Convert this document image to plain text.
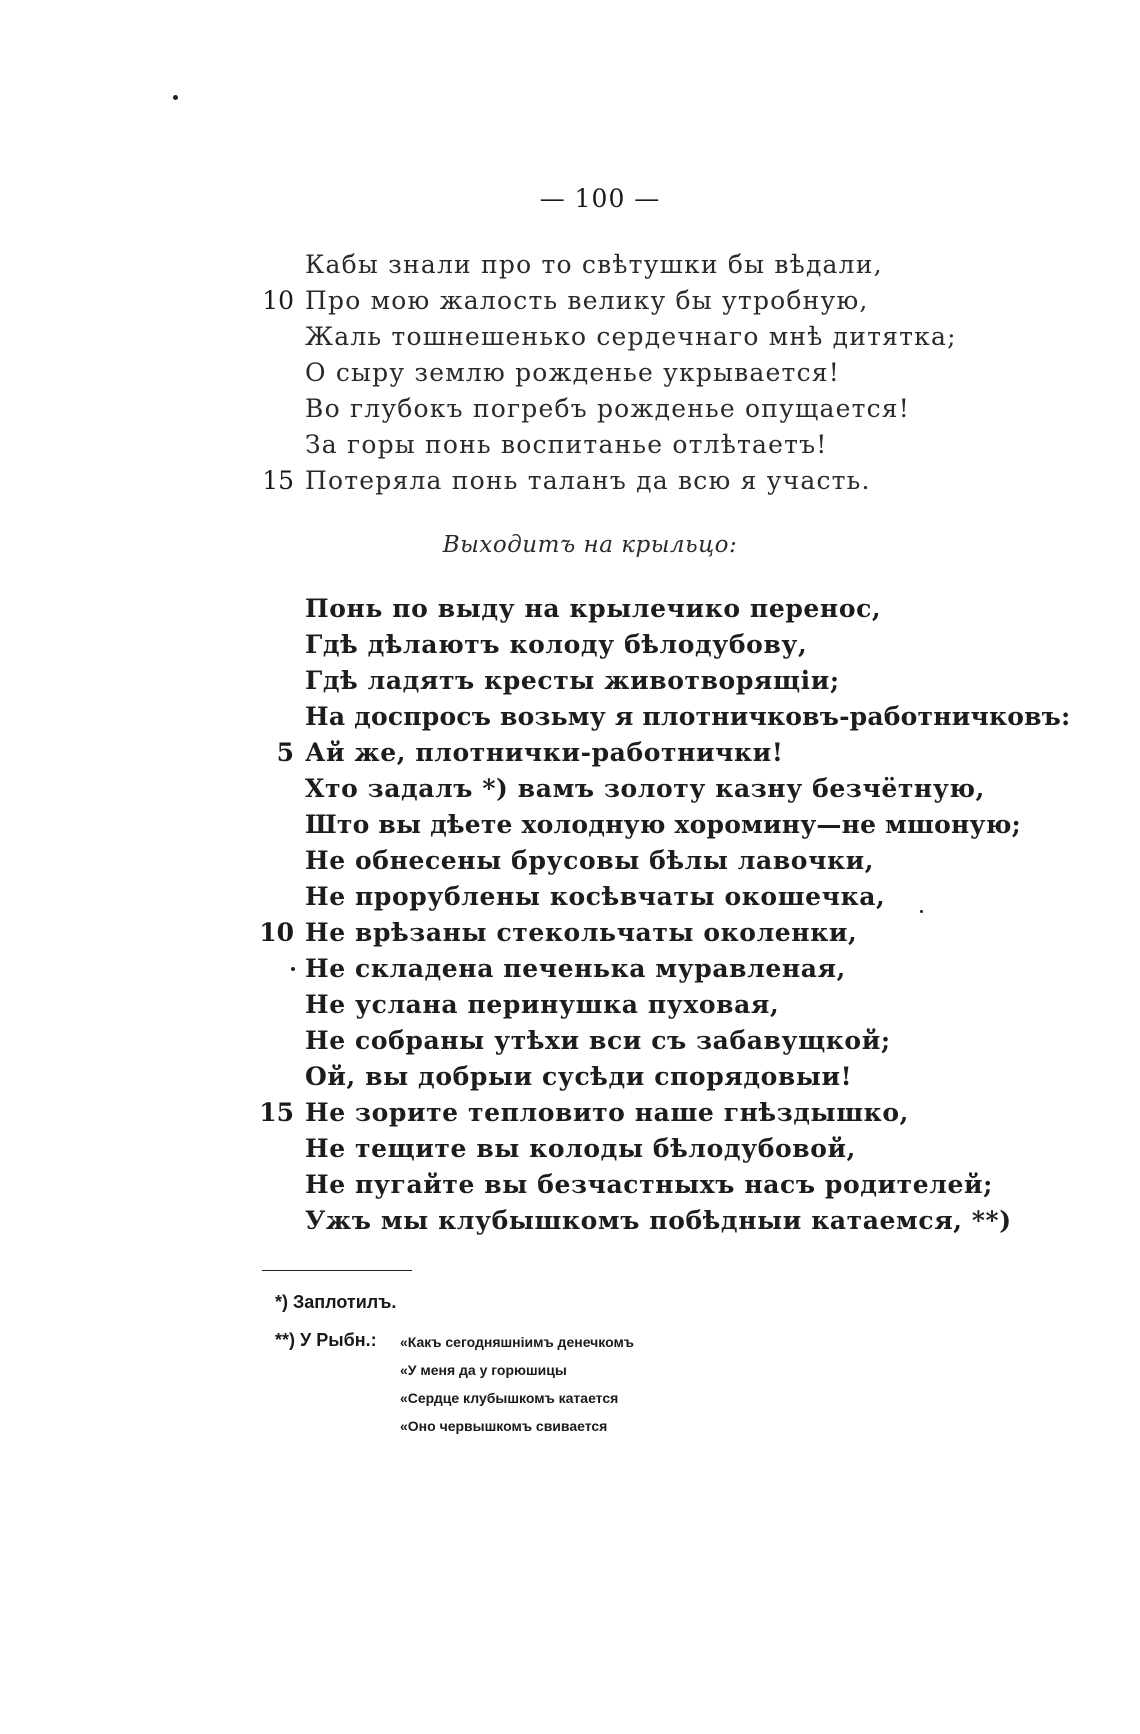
— 100 —
Кабы знали про то свѣтушки бы вѣдали,
10 Про мою жалость велику бы утробную,
Жаль тошнешенько сердечнаго мнѣ дитятка;
О сыру землю рожденье укрывается!
Во глубокъ погребъ рожденье опущается!
За горы понь воспитанье отлѣтаетъ!
15 Потеряла понь таланъ да всю я участь.
Выходитъ на крыльцо:
Понь по выду на крылечико перенос,
Гдѣ дѣлаютъ колоду бѣлодубову,
Гдѣ ладятъ кресты животворящіи;
На доспросъ возьму я плотничковъ-работничковъ:
5 Ай же, плотнички-работнички!
Хто задалъ *) вамъ золоту казну безчётную,
Што вы дѣете холодную хоромину—не мшоную;
Не обнесены брусовы бѣлы лавочки,
Не прорублены косѣвчаты окошечка,
10 Не врѣзаны стекольчаты околенки,
Не складена печенька муравленая,
Не услана перинушка пуховая,
Не собраны утѣхи вси съ забавущкой;
Ой, вы добрыи сусѣди спорядовыи!
15 Не зорите тепловито наше гнѣздышко,
Не тещите вы колоды бѣлодубовой,
Не пугайте вы безчастныхъ насъ родителей;
Ужъ мы клубышкомъ побѣдныи катаемся, **)
*) Заплотилъ.
**) У Рыбн.: «Какъ сегодняшніимъ денечкомъ
«У меня да у горюшицы
«Сердце клубышкомъ катается
«Оно червышкомъ свивается
